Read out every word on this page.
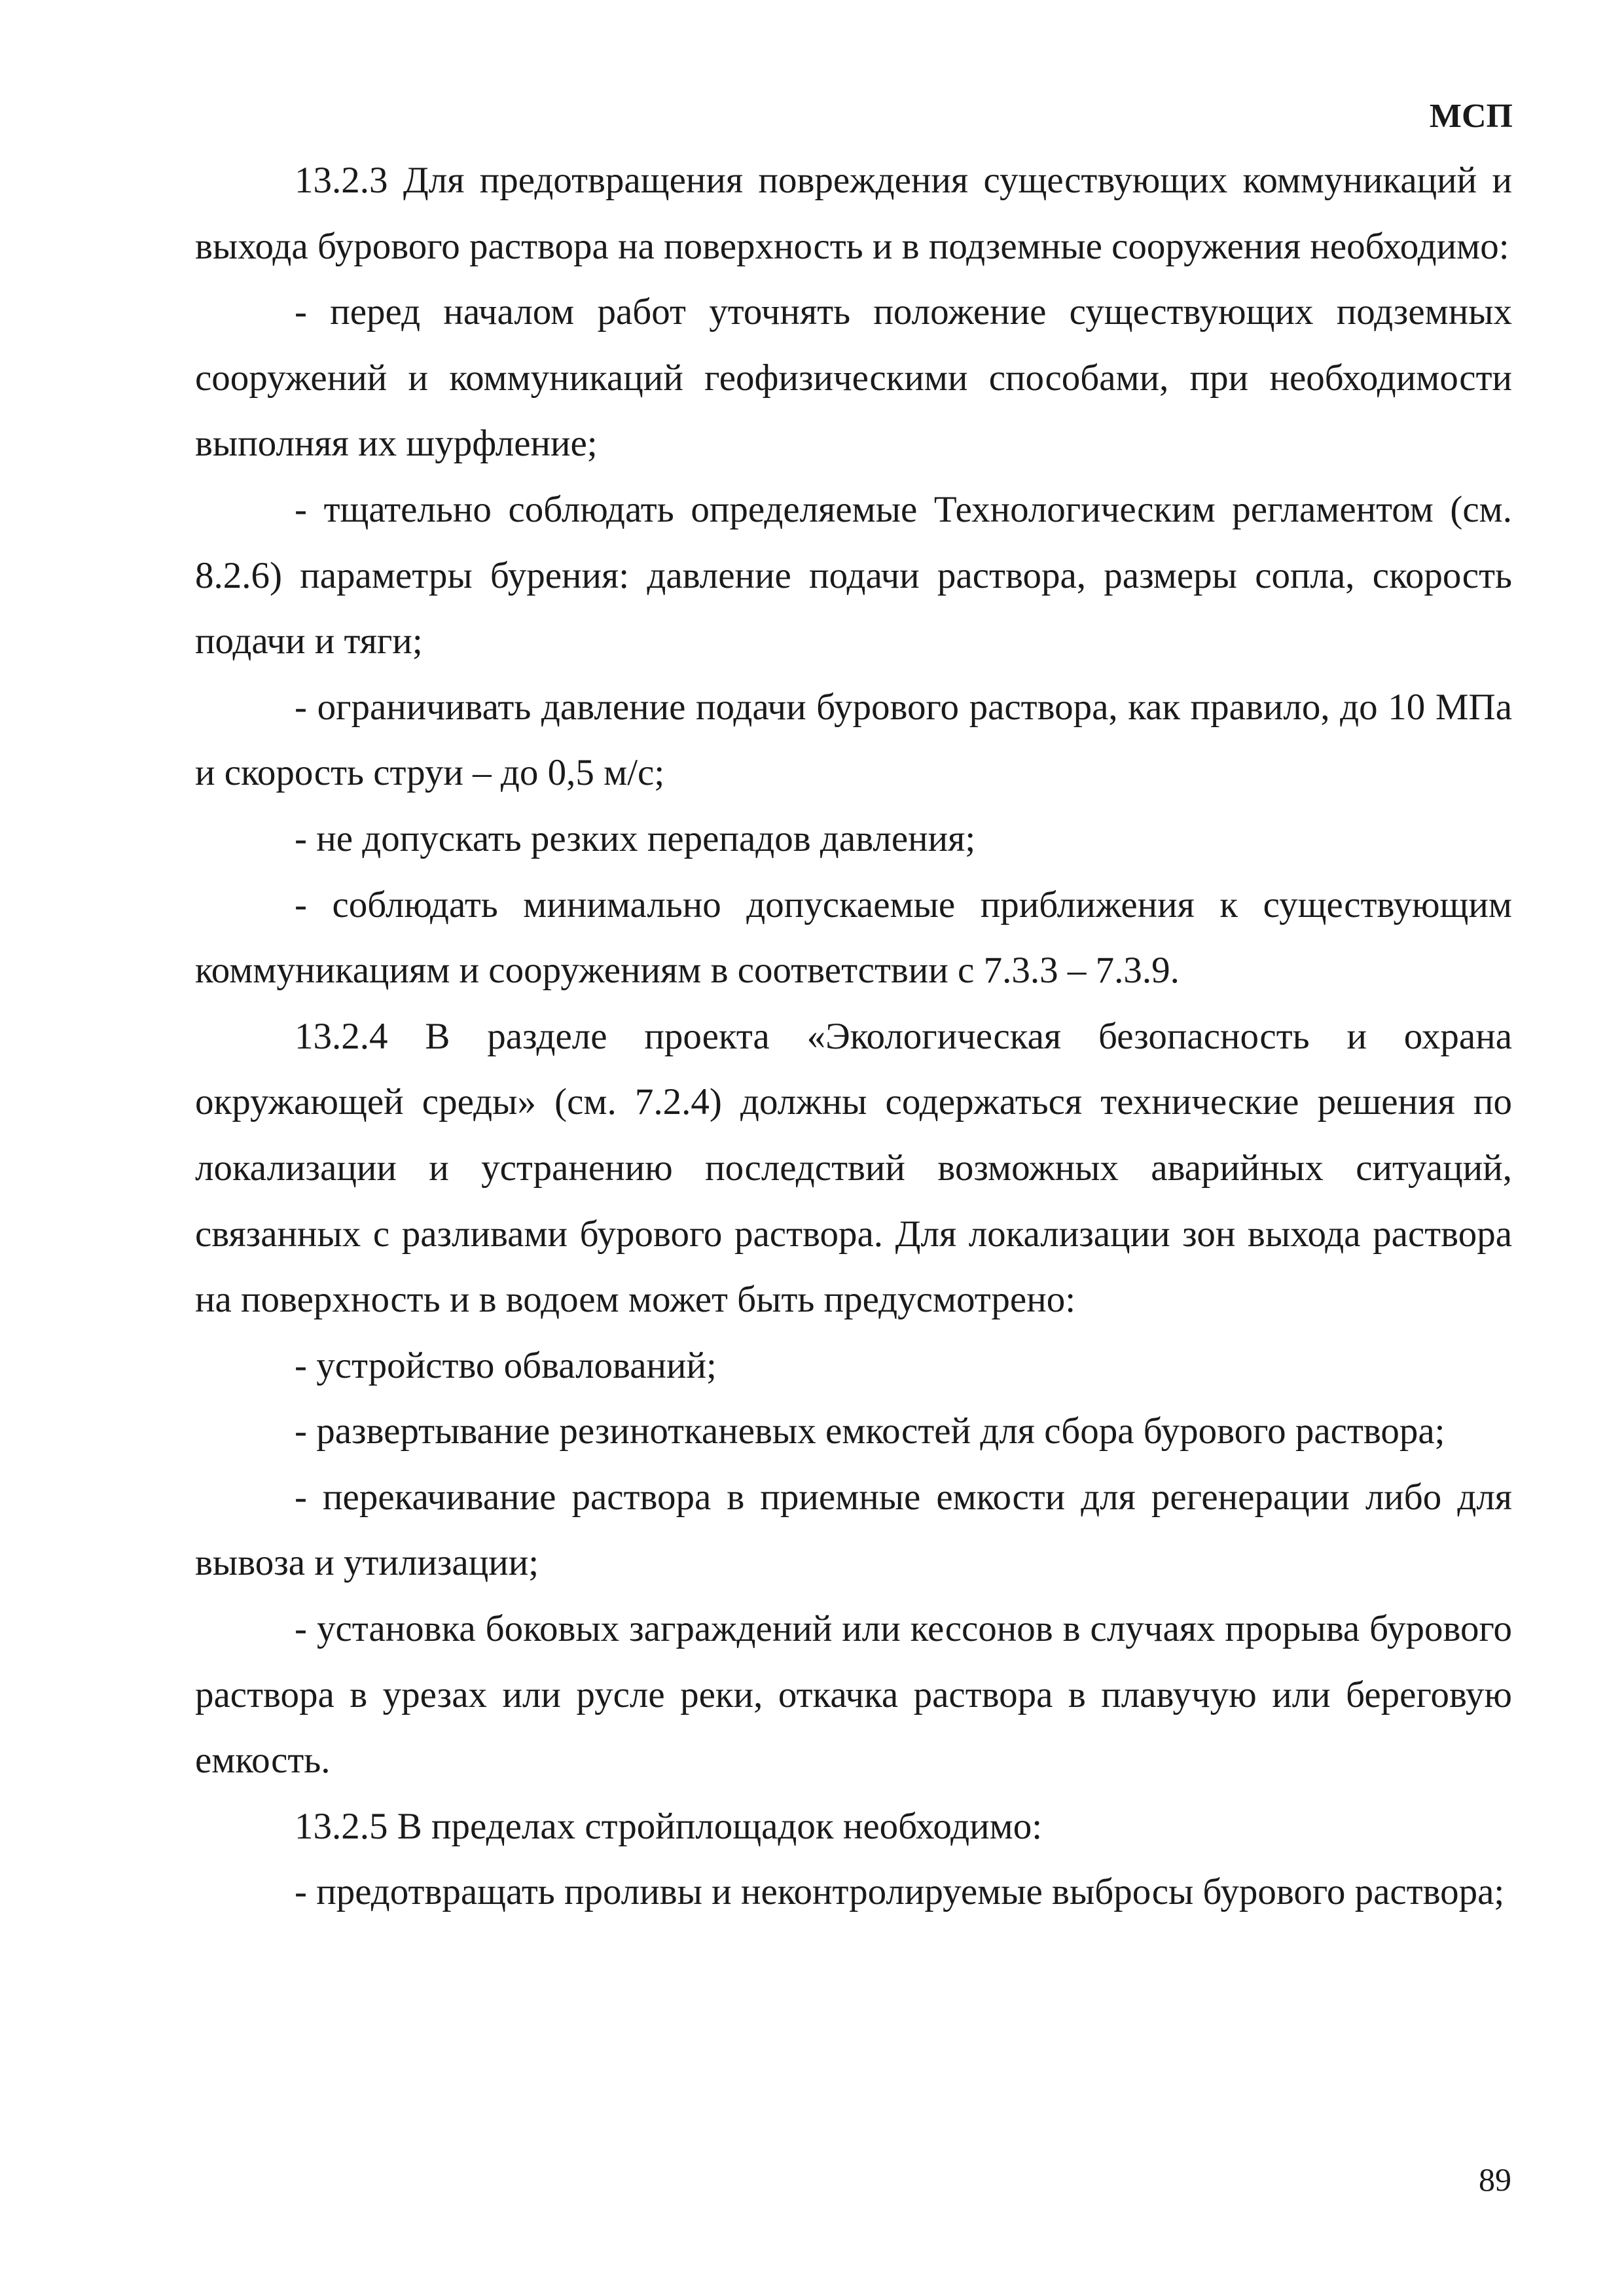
МСП

13.2.3 Для предотвращения повреждения существующих коммуникаций и выхода бурового раствора на поверхность и в подземные сооружения необходимо:

- перед началом работ уточнять положение существующих подземных сооружений и коммуникаций геофизическими способами, при необходимости выполняя их шурфление;

- тщательно соблюдать определяемые Технологическим регламентом (см. 8.2.6) параметры бурения: давление подачи раствора, размеры сопла, скорость подачи и тяги;

- ограничивать давление подачи бурового раствора, как правило, до 10 МПа и скорость струи – до 0,5 м/с;

- не допускать резких перепадов давления;

- соблюдать минимально допускаемые приближения к существующим коммуникациям и сооружениям в соответствии с 7.3.3 – 7.3.9.

13.2.4 В разделе проекта «Экологическая безопасность и охрана окружающей среды» (см. 7.2.4) должны содержаться технические решения по локализации и устранению последствий возможных аварийных ситуаций, связанных с разливами бурового раствора. Для локализации зон выхода раствора на поверхность и в водоем может быть предусмотрено:

- устройство обвалований;

- развертывание резинотканевых емкостей для сбора бурового раствора;

- перекачивание раствора в приемные емкости для регенерации либо для вывоза и утилизации;

- установка боковых заграждений или кессонов в случаях прорыва бурового раствора в урезах или русле реки, откачка раствора в плавучую или береговую емкость.

13.2.5 В пределах стройплощадок необходимо:

- предотвращать проливы и неконтролируемые выбросы бурового раствора;

89
